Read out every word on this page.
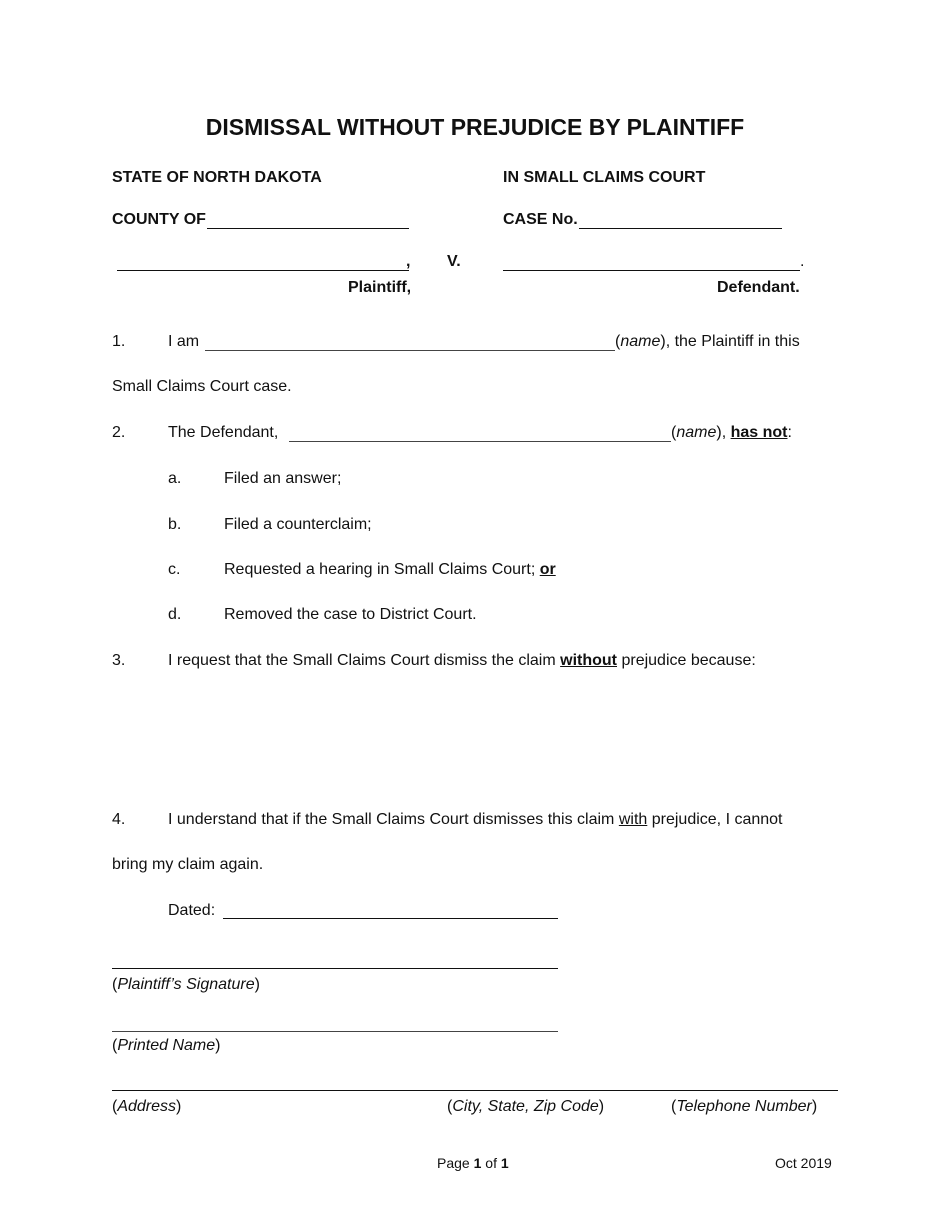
DISMISSAL WITHOUT PREJUDICE BY PLAINTIFF
STATE OF NORTH DAKOTA	IN SMALL CLAIMS COURT
COUNTY OF	CASE No.
, V.	.
Plaintiff,	Defendant.
1.	I am	(name), the Plaintiff in this
Small Claims Court case.
2.	The Defendant,	(name), has not:
a.	Filed an answer;
b.	Filed a counterclaim;
c.	Requested a hearing in Small Claims Court; or
d.	Removed the case to District Court.
3.	I request that the Small Claims Court dismiss the claim without prejudice because:
4.	I understand that if the Small Claims Court dismisses this claim with prejudice, I cannot
bring my claim again.
Dated:
(Plaintiff’s Signature)
(Printed Name)
(Address)	(City, State, Zip Code)	(Telephone Number)
Page 1 of 1	Oct 2019
